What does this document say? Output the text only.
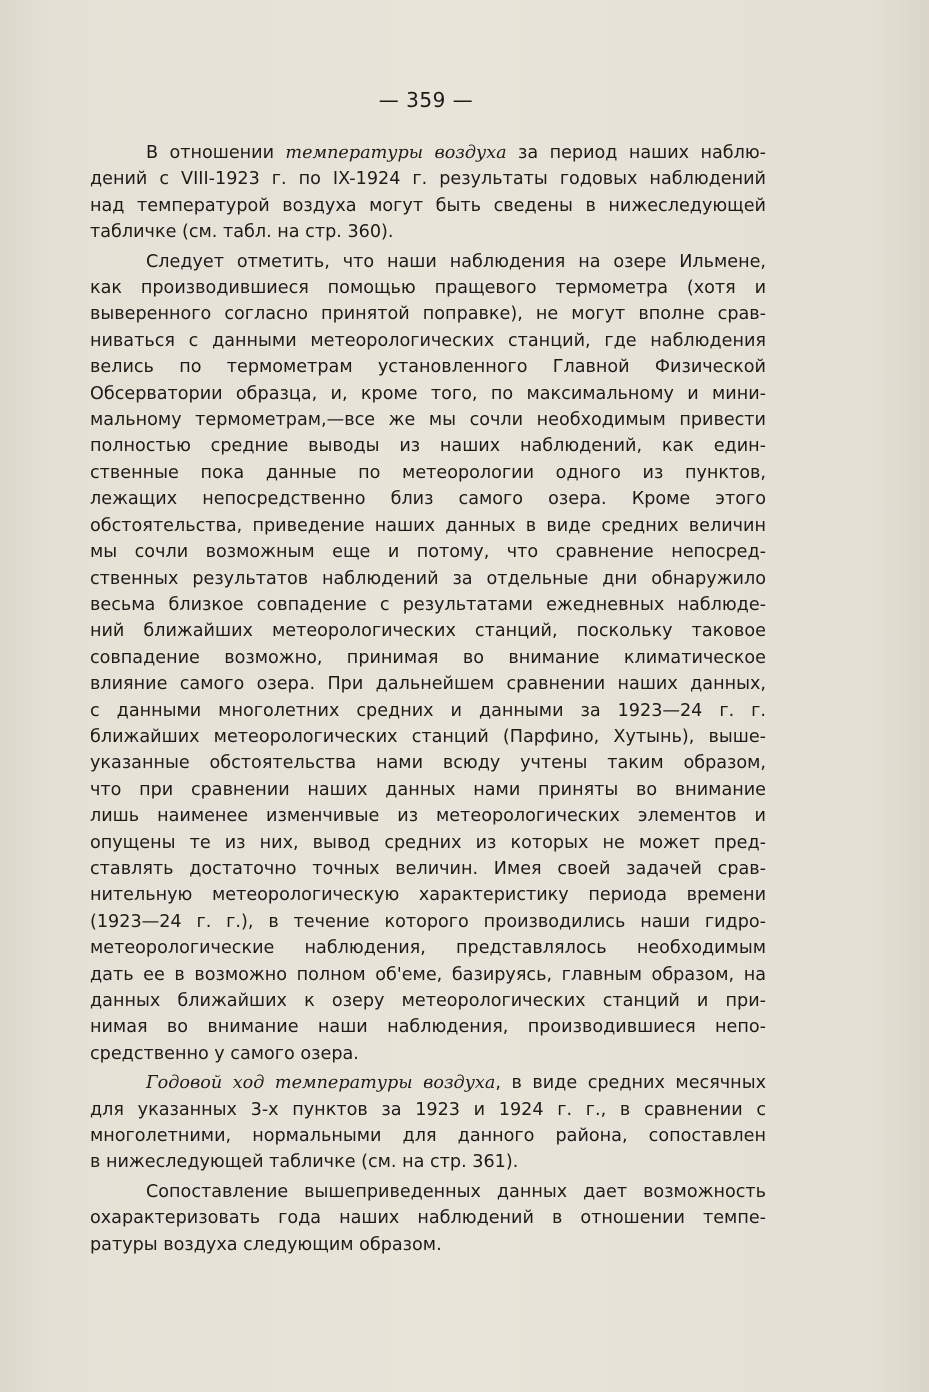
— 359 —
В отношении температуры воздуха за период наших наблю-
дений с VIII-1923 г. по IX-1924 г. результаты годовых наблюдений
над температурой воздуха могут быть сведены в нижеследующей
табличке (см. табл. на стр. 360).
Следует отметить, что наши наблюдения на озере Ильмене,
как производившиеся помощью пращевого термометра (хотя и
выверенного согласно принятой поправке), не могут вполне срав-
ниваться с данными метеорологических станций, где наблюдения
велись по термометрам установленного Главной Физической
Обсерватории образца, и, кроме того, по максимальному и мини-
мальному термометрам,—все же мы сочли необходимым привести
полностью средние выводы из наших наблюдений, как един-
ственные пока данные по метеорологии одного из пунктов,
лежащих непосредственно близ самого озера. Кроме этого
обстоятельства, приведение наших данных в виде средних величин
мы сочли возможным еще и потому, что сравнение непосред-
ственных результатов наблюдений за отдельные дни обнаружило
весьма близкое совпадение с результатами ежедневных наблюде-
ний ближайших метеорологических станций, поскольку таковое
совпадение возможно, принимая во внимание климатическое
влияние самого озера. При дальнейшем сравнении наших данных,
с данными многолетних средних и данными за 1923—24 г. г.
ближайших метеорологических станций (Парфино, Хутынь), выше-
указанные обстоятельства нами всюду учтены таким образом,
что при сравнении наших данных нами приняты во внимание
лишь наименее изменчивые из метеорологических элементов и
опущены те из них, вывод средних из которых не может пред-
ставлять достаточно точных величин. Имея своей задачей срав-
нительную метеорологическую характеристику периода времени
(1923—24 г. г.), в течение которого производились наши гидро-
метеорологические наблюдения, представлялось необходимым
дать ее в возможно полном об'еме, базируясь, главным образом, на
данных ближайших к озеру метеорологических станций и при-
нимая во внимание наши наблюдения, производившиеся непо-
средственно у самого озера.
Годовой ход температуры воздуха, в виде средних месячных
для указанных 3-х пунктов за 1923 и 1924 г. г., в сравнении с
многолетними, нормальными для данного района, сопоставлен
в нижеследующей табличке (см. на стр. 361).
Сопоставление вышеприведенных данных дает возможность
охарактеризовать года наших наблюдений в отношении темпе-
ратуры воздуха следующим образом.
